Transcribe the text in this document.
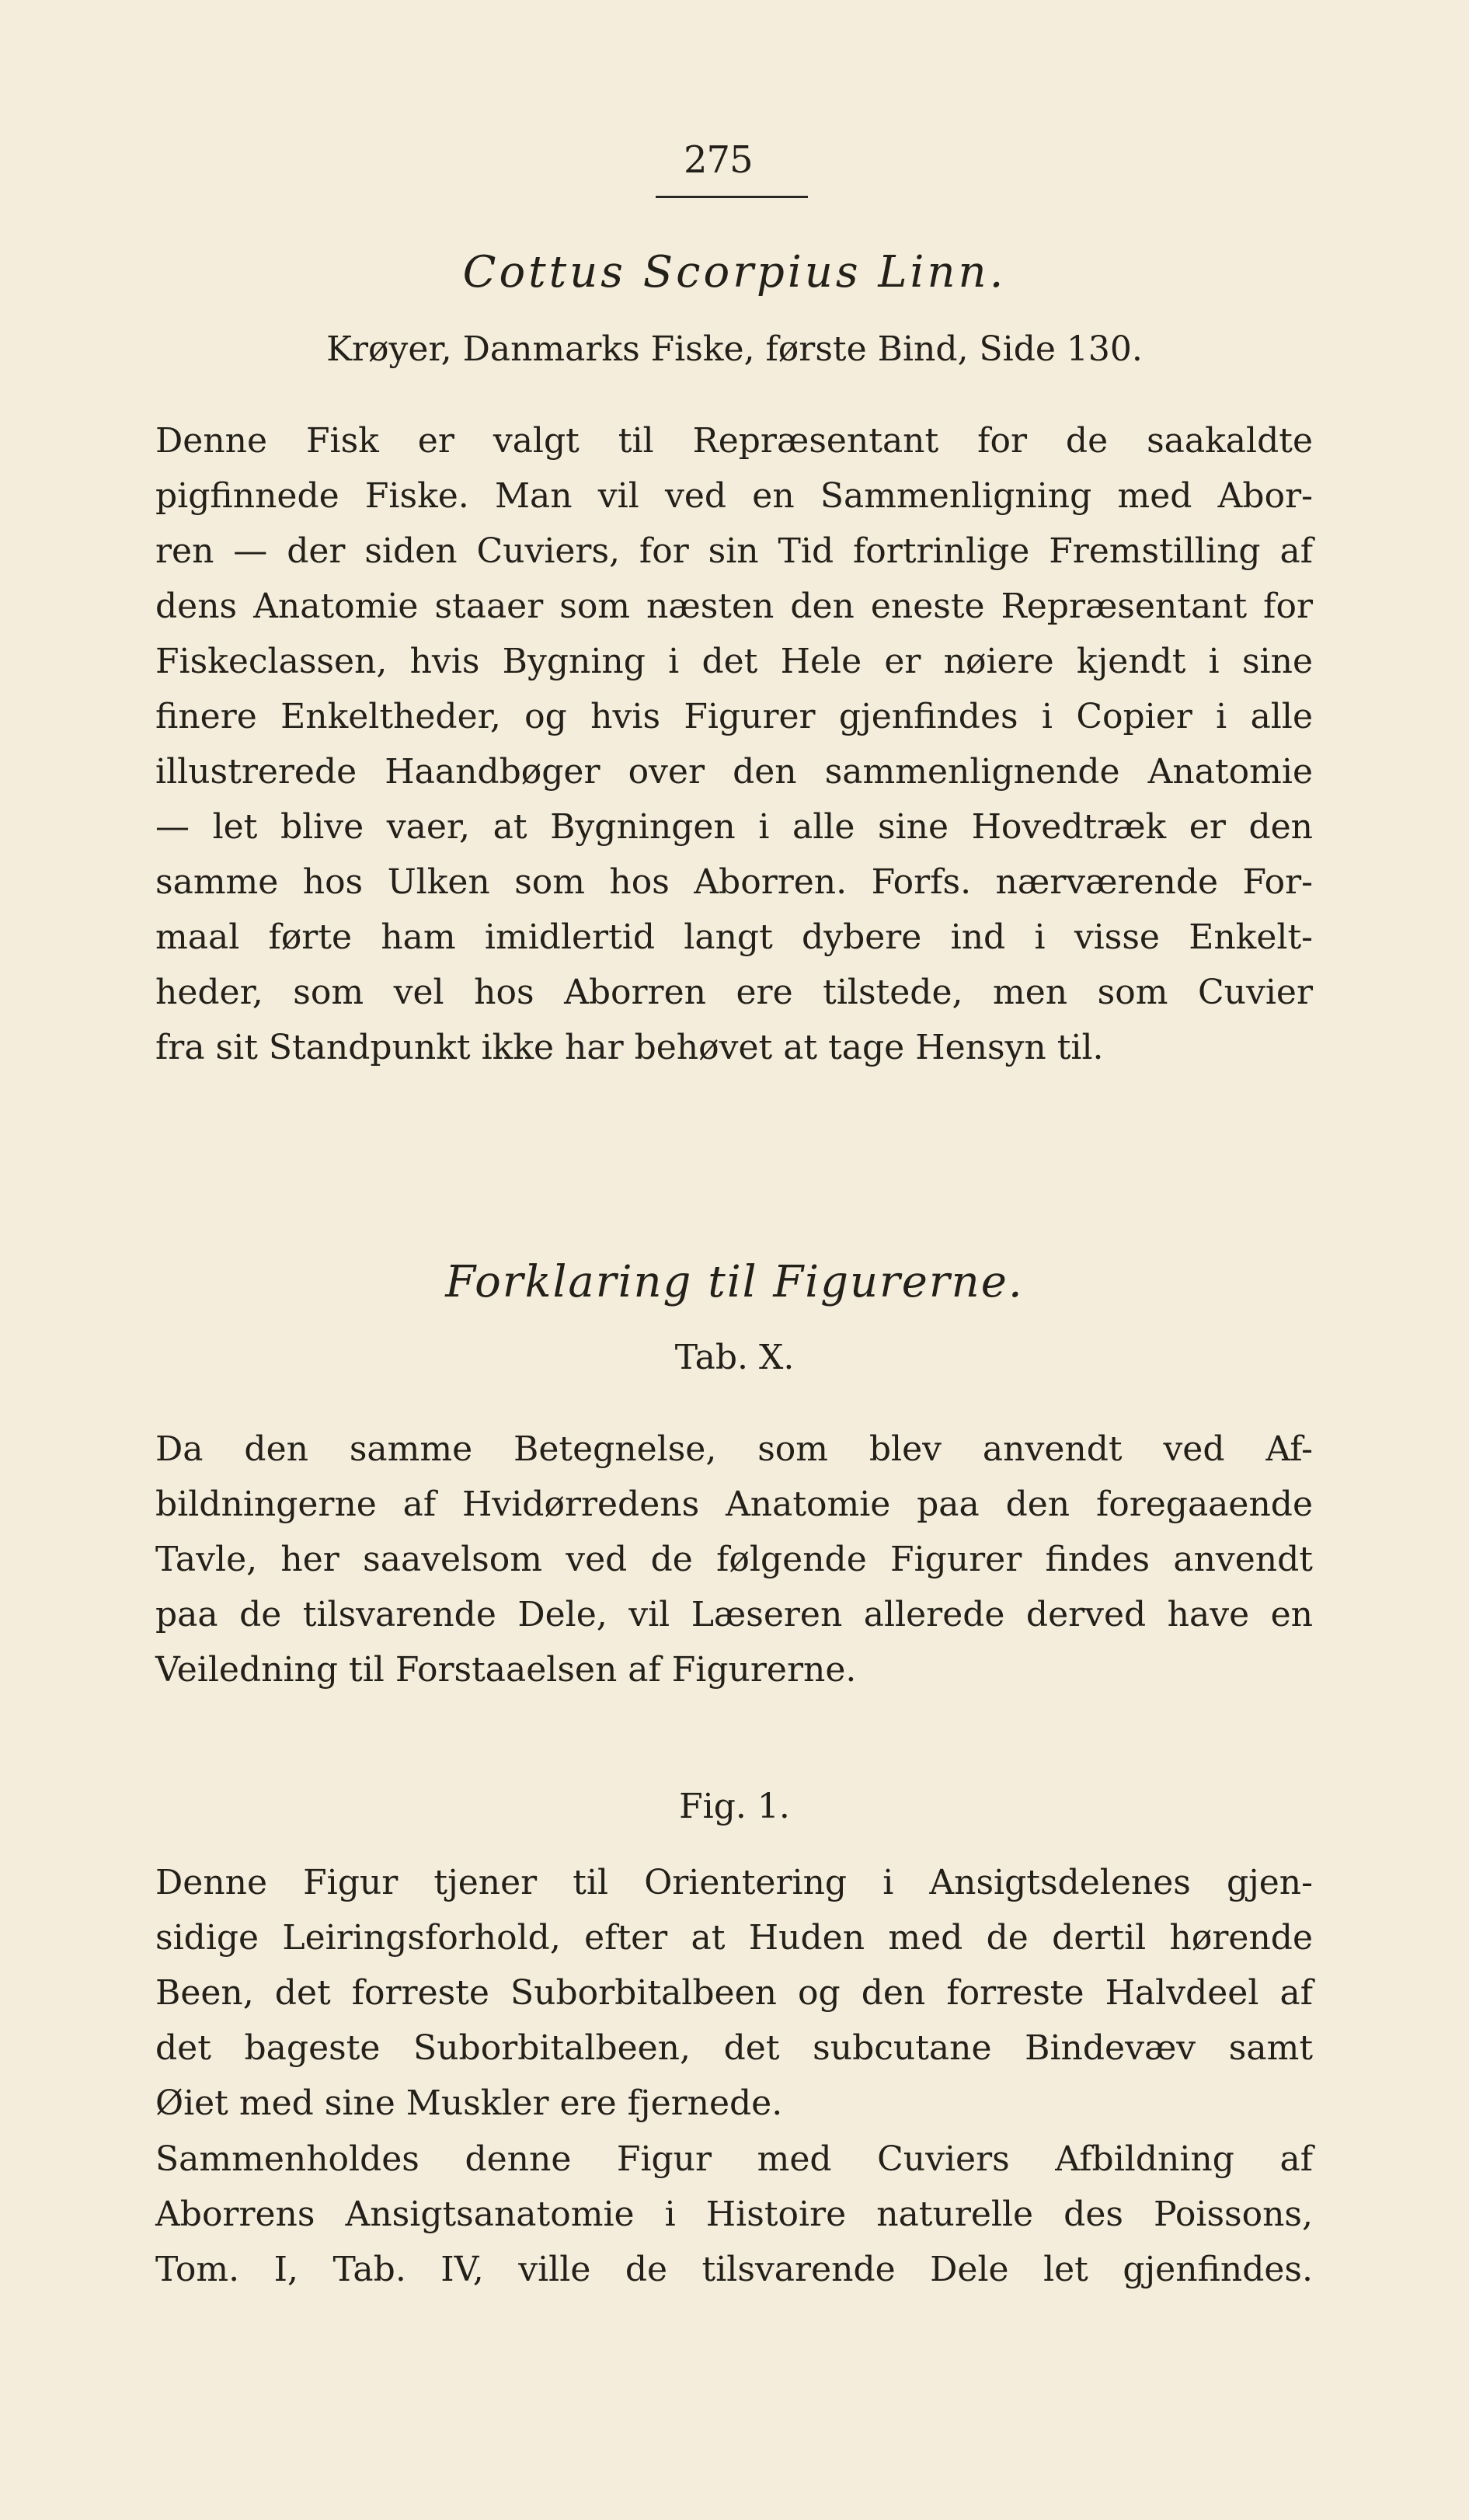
275
Cottus Scorpius Linn.
Krøyer, Danmarks Fiske, første Bind, Side 130.
Denne Fisk er valgt til Repræsentant for de saakaldte
pigfinnede Fiske. Man vil ved en Sammenligning med Abor-
ren — der siden Cuviers, for sin Tid fortrinlige Fremstilling af
dens Anatomie staaer som næsten den eneste Repræsentant for
Fiskeclassen, hvis Bygning i det Hele er nøiere kjendt i sine
finere Enkeltheder, og hvis Figurer gjenfindes i Copier i alle
illustrerede Haandbøger over den sammenlignende Anatomie
— let blive vaer, at Bygningen i alle sine Hovedtræk er den
samme hos Ulken som hos Aborren. Forfs. nærværende For-
maal førte ham imidlertid langt dybere ind i visse Enkelt-
heder, som vel hos Aborren ere tilstede, men som Cuvier
fra sit Standpunkt ikke har behøvet at tage Hensyn til.
Forklaring til Figurerne.
Tab. X.
Da den samme Betegnelse, som blev anvendt ved Af-
bildningerne af Hvidørredens Anatomie paa den foregaaende
Tavle, her saavelsom ved de følgende Figurer findes anvendt
paa de tilsvarende Dele, vil Læseren allerede derved have en
Veiledning til Forstaaelsen af Figurerne.
Fig. 1.
Denne Figur tjener til Orientering i Ansigtsdelenes gjen-
sidige Leiringsforhold, efter at Huden med de dertil hørende
Been, det forreste Suborbitalbeen og den forreste Halvdeel af
det bageste Suborbitalbeen, det subcutane Bindevæv samt
Øiet med sine Muskler ere fjernede.
Sammenholdes denne Figur med Cuviers Afbildning af
Aborrens Ansigtsanatomie i Histoire naturelle des Poissons,
Tom. I, Tab. IV, ville de tilsvarende Dele let gjenfindes.
